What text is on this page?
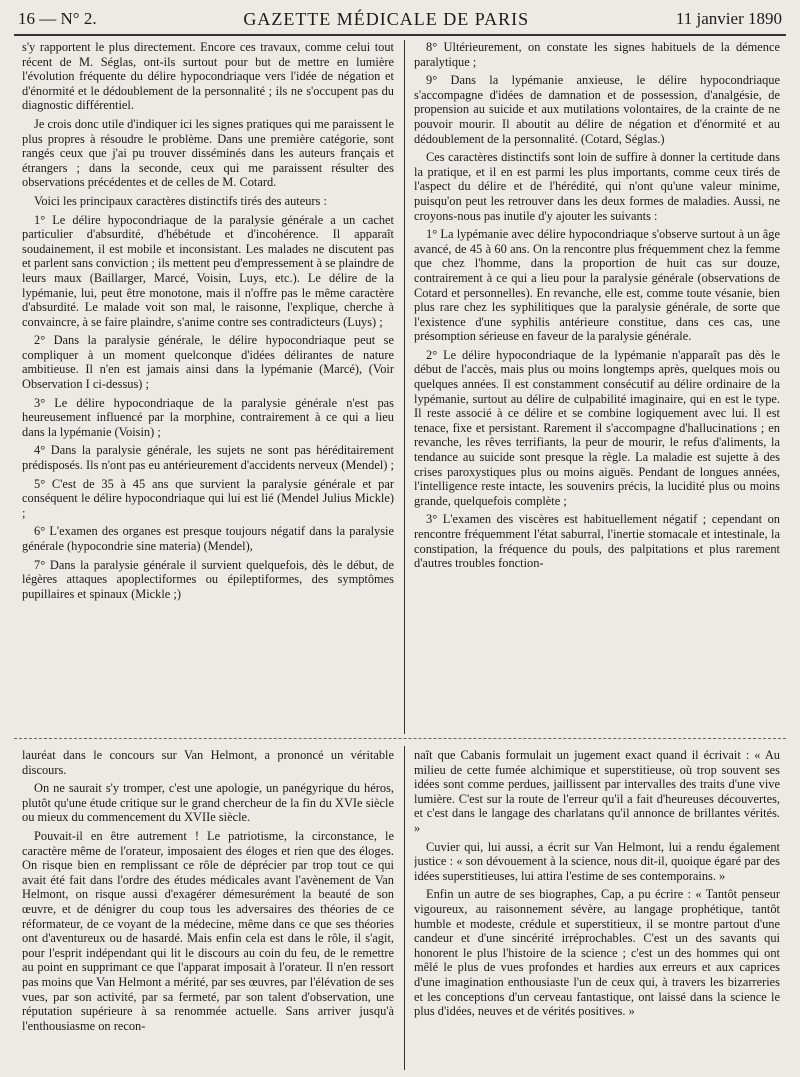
16 — N° 2.	GAZETTE MÉDICALE DE PARIS	11 janvier 1890

s'y rapportent le plus directement. Encore ces travaux, comme celui tout récent de M. Séglas, ont-ils surtout pour but de mettre en lumière l'évolution fréquente du délire hypocondriaque vers l'idée de négation et d'énormité et le dédoublement de la personnalité ; ils ne s'occupent pas du diagnostic différentiel.

Je crois donc utile d'indiquer ici les signes pratiques qui me paraissent le plus propres à résoudre le problème. Dans une première catégorie, sont rangés ceux que j'ai pu trouver disséminés dans les auteurs français et étrangers ; dans la seconde, ceux qui me paraissent résulter des observations précédentes et de celles de M. Cotard.

Voici les principaux caractères distinctifs tirés des auteurs :

1° Le délire hypocondriaque de la paralysie générale a un cachet particulier d'absurdité, d'hébétude et d'incohérence. Il apparaît soudainement, il est mobile et inconsistant. Les malades ne discutent pas et parlent sans conviction ; ils mettent peu d'empressement à se plaindre de leurs maux (Baillarger, Marcé, Voisin, Luys, etc.). Le délire de la lypémanie, lui, peut être monotone, mais il n'offre pas le même caractère d'absurdité. Le malade voit son mal, le raisonne, l'explique, cherche à convaincre, à se faire plaindre, s'anime contre ses contradicteurs (Luys) ;

2° Dans la paralysie générale, le délire hypocondriaque peut se compliquer à un moment quelconque d'idées délirantes de nature ambitieuse. Il n'en est jamais ainsi dans la lypémanie (Marcé), (Voir Observation I ci-dessus) ;

3° Le délire hypocondriaque de la paralysie générale n'est pas heureusement influencé par la morphine, contrairement à ce qui a lieu dans la lypémanie (Voisin) ;

4° Dans la paralysie générale, les sujets ne sont pas héréditairement prédisposés. Ils n'ont pas eu antérieurement d'accidents nerveux (Mendel) ;

5° C'est de 35 à 45 ans que survient la paralysie générale et par conséquent le délire hypocondriaque qui lui est lié (Mendel Julius Mickle) ;

6° L'examen des organes est presque toujours négatif dans la paralysie générale (hypocondrie sine materia) (Mendel),

7° Dans la paralysie générale il survient quelquefois, dès le début, de légères attaques apoplectiformes ou épileptiformes, des symptômes pupillaires et spinaux (Mickle ;)

8° Ultérieurement, on constate les signes habituels de la démence paralytique ;

9° Dans la lypémanie anxieuse, le délire hypocondriaque s'accompagne d'idées de damnation et de possession, d'analgésie, de propension au suicide et aux mutilations volontaires, de la crainte de ne pouvoir mourir. Il aboutit au délire de négation et d'énormité et au dédoublement de la personnalité. (Cotard, Séglas.)

Ces caractères distinctifs sont loin de suffire à donner la certitude dans la pratique, et il en est parmi les plus importants, comme ceux tirés de l'aspect du délire et de l'hérédité, qui n'ont qu'une valeur minime, puisqu'on peut les retrouver dans les deux formes de maladies. Aussi, ne croyons-nous pas inutile d'y ajouter les suivants :

1° La lypémanie avec délire hypocondriaque s'observe surtout à un âge avancé, de 45 à 60 ans. On la rencontre plus fréquemment chez la femme que chez l'homme, dans la proportion de huit cas sur douze, contrairement à ce qui a lieu pour la paralysie générale (observations de Cotard et personnelles). En revanche, elle est, comme toute vésanie, bien plus rare chez les syphilitiques que la paralysie générale, de sorte que l'existence d'une syphilis antérieure constitue, dans ces cas, une présomption sérieuse en faveur de la paralysie générale.

2° Le délire hypocondriaque de la lypémanie n'apparaît pas dès le début de l'accès, mais plus ou moins longtemps après, quelques mois ou quelques années. Il est constamment consécutif au délire ordinaire de la lypémanie, surtout au délire de culpabilité imaginaire, qui en est le type. Il reste associé à ce délire et se combine logiquement avec lui. Il est tenace, fixe et persistant. Rarement il s'accompagne d'hallucinations ; en revanche, les rêves terrifiants, la peur de mourir, le refus d'aliments, la tendance au suicide sont presque la règle. La maladie est sujette à des crises paroxystiques plus ou moins aiguës. Pendant de longues années, l'intelligence reste intacte, les souvenirs précis, la lucidité plus ou moins grande, quelquefois complète ;

3° L'examen des viscères est habituellement négatif ; cependant on rencontre fréquemment l'état saburral, l'inertie stomacale et intestinale, la constipation, la fréquence du pouls, des palpitations et plus rarement d'autres troubles fonction-

lauréat dans le concours sur Van Helmont, a prononcé un véritable discours.

On ne saurait s'y tromper, c'est une apologie, un panégyrique du héros, plutôt qu'une étude critique sur le grand chercheur de la fin du XVIe siècle ou mieux du commencement du XVIIe siècle.

Pouvait-il en être autrement ! Le patriotisme, la circonstance, le caractère même de l'orateur, imposaient des éloges et rien que des éloges. On risque bien en remplissant ce rôle de déprécier par trop tout ce qui avait été fait dans l'ordre des études médicales avant l'avènement de Van Helmont, on risque aussi d'exagérer démesurément la beauté de son œuvre, et de dénigrer du coup tous les adversaires des théories de ce réformateur, de ce voyant de la médecine, même dans ce que ses théories ont d'aventureux ou de hasardé. Mais enfin cela est dans le rôle, il s'agit, pour l'esprit indépendant qui lit le discours au coin du feu, de le remettre au point en supprimant ce que l'apparat imposait à l'orateur. Il n'en ressort pas moins que Van Helmont a mérité, par ses œuvres, par l'élévation de ses vues, par son activité, par sa fermeté, par son talent d'observation, une réputation supérieure à sa renommée actuelle. Sans arriver jusqu'à l'enthousiasme on recon-

naît que Cabanis formulait un jugement exact quand il écrivait : « Au milieu de cette fumée alchimique et superstitieuse, où trop souvent ses idées sont comme perdues, jaillissent par intervalles des traits d'une vive lumière. C'est sur la route de l'erreur qu'il a fait d'heureuses découvertes, et c'est dans le langage des charlatans qu'il annonce de brillantes vérités. »

Cuvier qui, lui aussi, a écrit sur Van Helmont, lui a rendu également justice : « son dévouement à la science, nous dit-il, quoique égaré par des idées superstitieuses, lui attira l'estime de ses contemporains. »

Enfin un autre de ses biographes, Cap, a pu écrire : « Tantôt penseur vigoureux, au raisonnement sévère, au langage prophétique, tantôt humble et modeste, crédule et superstitieux, il se montre partout d'une candeur et d'une sincérité irréprochables. C'est un des savants qui honorent le plus l'histoire de la science ; c'est un des hommes qui ont mêlé le plus de vues profondes et hardies aux erreurs et aux caprices d'une imagination enthousiaste l'un de ceux qui, à travers les bizarreries et les conceptions d'un cerveau fantastique, ont laissé dans la science le plus d'idées, neuves et de vérités positives. »
